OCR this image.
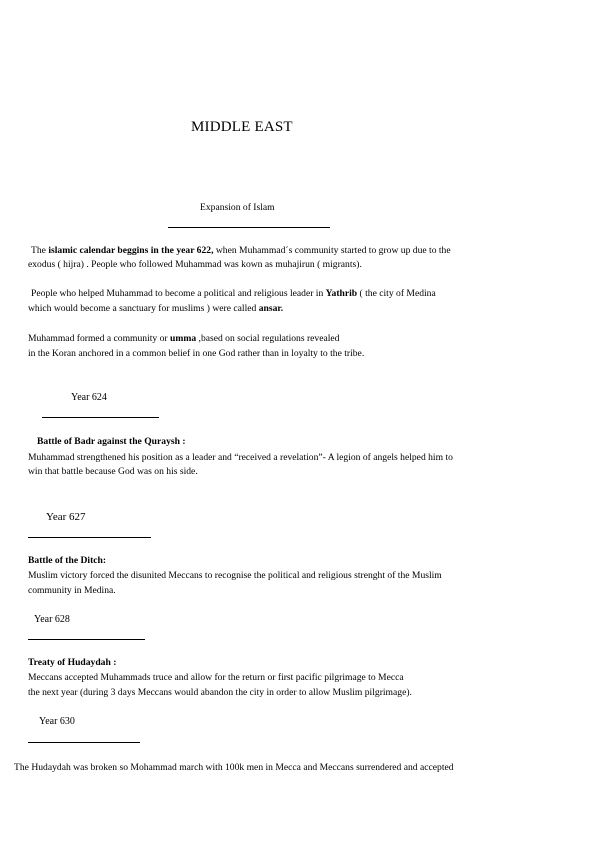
MIDDLE EAST
Expansion of Islam
The islamic calendar beggins in the year 622, when Muhammad´s community started to grow up due to the
exodus ( hijra) . People who followed Muhammad was kown as muhajirun ( migrants).
People who helped Muhammad to become a political and religious leader in Yathrib ( the city of Medina
which would become a sanctuary for muslims ) were called ansar.
Muhammad formed a community or umma ,based on social regulations revealed
in the Koran anchored in a common belief in one God rather than in loyalty to the tribe.
Year 624
Battle of Badr against the Quraysh :
Muhammad strengthened his position as a leader and “received a revelation”- A legion of angels helped him to
win that battle because God was on his side.
Year 627
Battle of the Ditch:
Muslim victory forced the disunited Meccans to recognise the political and religious strenght of the Muslim
community in Medina.
Year 628
Treaty of Hudaydah :
Meccans accepted Muhammads truce and allow for the return or first pacific pilgrimage to Mecca
the next year (during 3 days Meccans would abandon the city in order to allow Muslim pilgrimage).
Year 630
The Hudaydah was broken so Mohammad march with 100k men in Mecca and Meccans surrendered and accepted
